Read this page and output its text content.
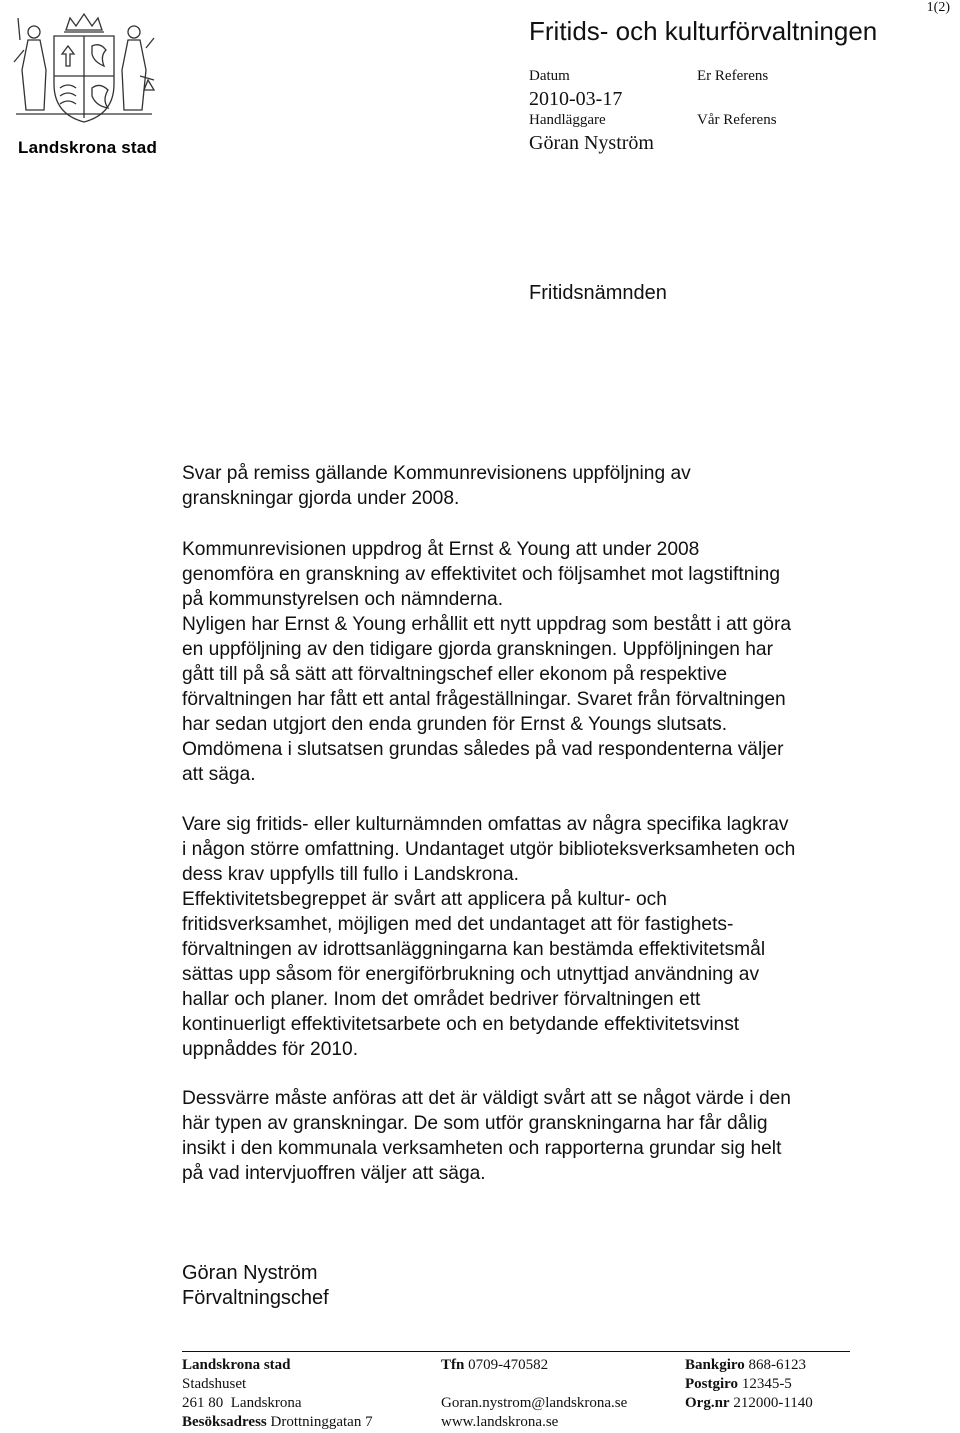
Landskrona stad
1(2)
Fritids- och kulturförvaltningen
Datum
2010-03-17
Handläggare
Göran Nyström
Er Referens
Vår Referens
Fritidsnämnden
Svar på remiss gällande Kommunrevisionens uppföljning av
granskningar gjorda under 2008.
Kommunrevisionen uppdrog åt Ernst & Young att under 2008
genomföra en granskning av effektivitet och följsamhet mot lagstiftning
på kommunstyrelsen och nämnderna.
Nyligen har Ernst & Young erhållit ett nytt uppdrag som bestått i att göra
en uppföljning av den tidigare gjorda granskningen. Uppföljningen har
gått till på så sätt att förvaltningschef eller ekonom på respektive
förvaltningen har fått ett antal frågeställningar. Svaret från förvaltningen
har sedan utgjort den enda grunden för Ernst & Youngs slutsats.
Omdömena i slutsatsen grundas således på vad respondenterna väljer
att säga.
Vare sig fritids- eller kulturnämnden omfattas av några specifika lagkrav
i någon större omfattning. Undantaget utgör biblioteksverksamheten och
dess krav uppfylls till fullo i Landskrona.
Effektivitetsbegreppet är svårt att applicera på kultur- och
fritidsverksamhet, möjligen med det undantaget att för fastighets-
förvaltningen av idrottsanläggningarna kan bestämda effektivitetsmål
sättas upp såsom för energiförbrukning och utnyttjad användning av
hallar och planer. Inom det området bedriver förvaltningen ett
kontinuerligt effektivitetsarbete och en betydande effektivitetsvinst
uppnåddes för 2010.
Dessvärre måste anföras att det är väldigt svårt att se något värde i den
här typen av granskningar. De som utför granskningarna har får dålig
insikt i den kommunala verksamheten och rapporterna grundar sig helt
på vad intervjuoffren väljer att säga.
Göran Nyström
Förvaltningschef
Landskrona stad
Stadshuset
261 80  Landskrona
Besöksadress Drottninggatan 7
Tfn 0709-470582

Goran.nystrom@landskrona.se
www.landskrona.se
Bankgiro 868-6123
Postgiro 12345-5
Org.nr 212000-1140
